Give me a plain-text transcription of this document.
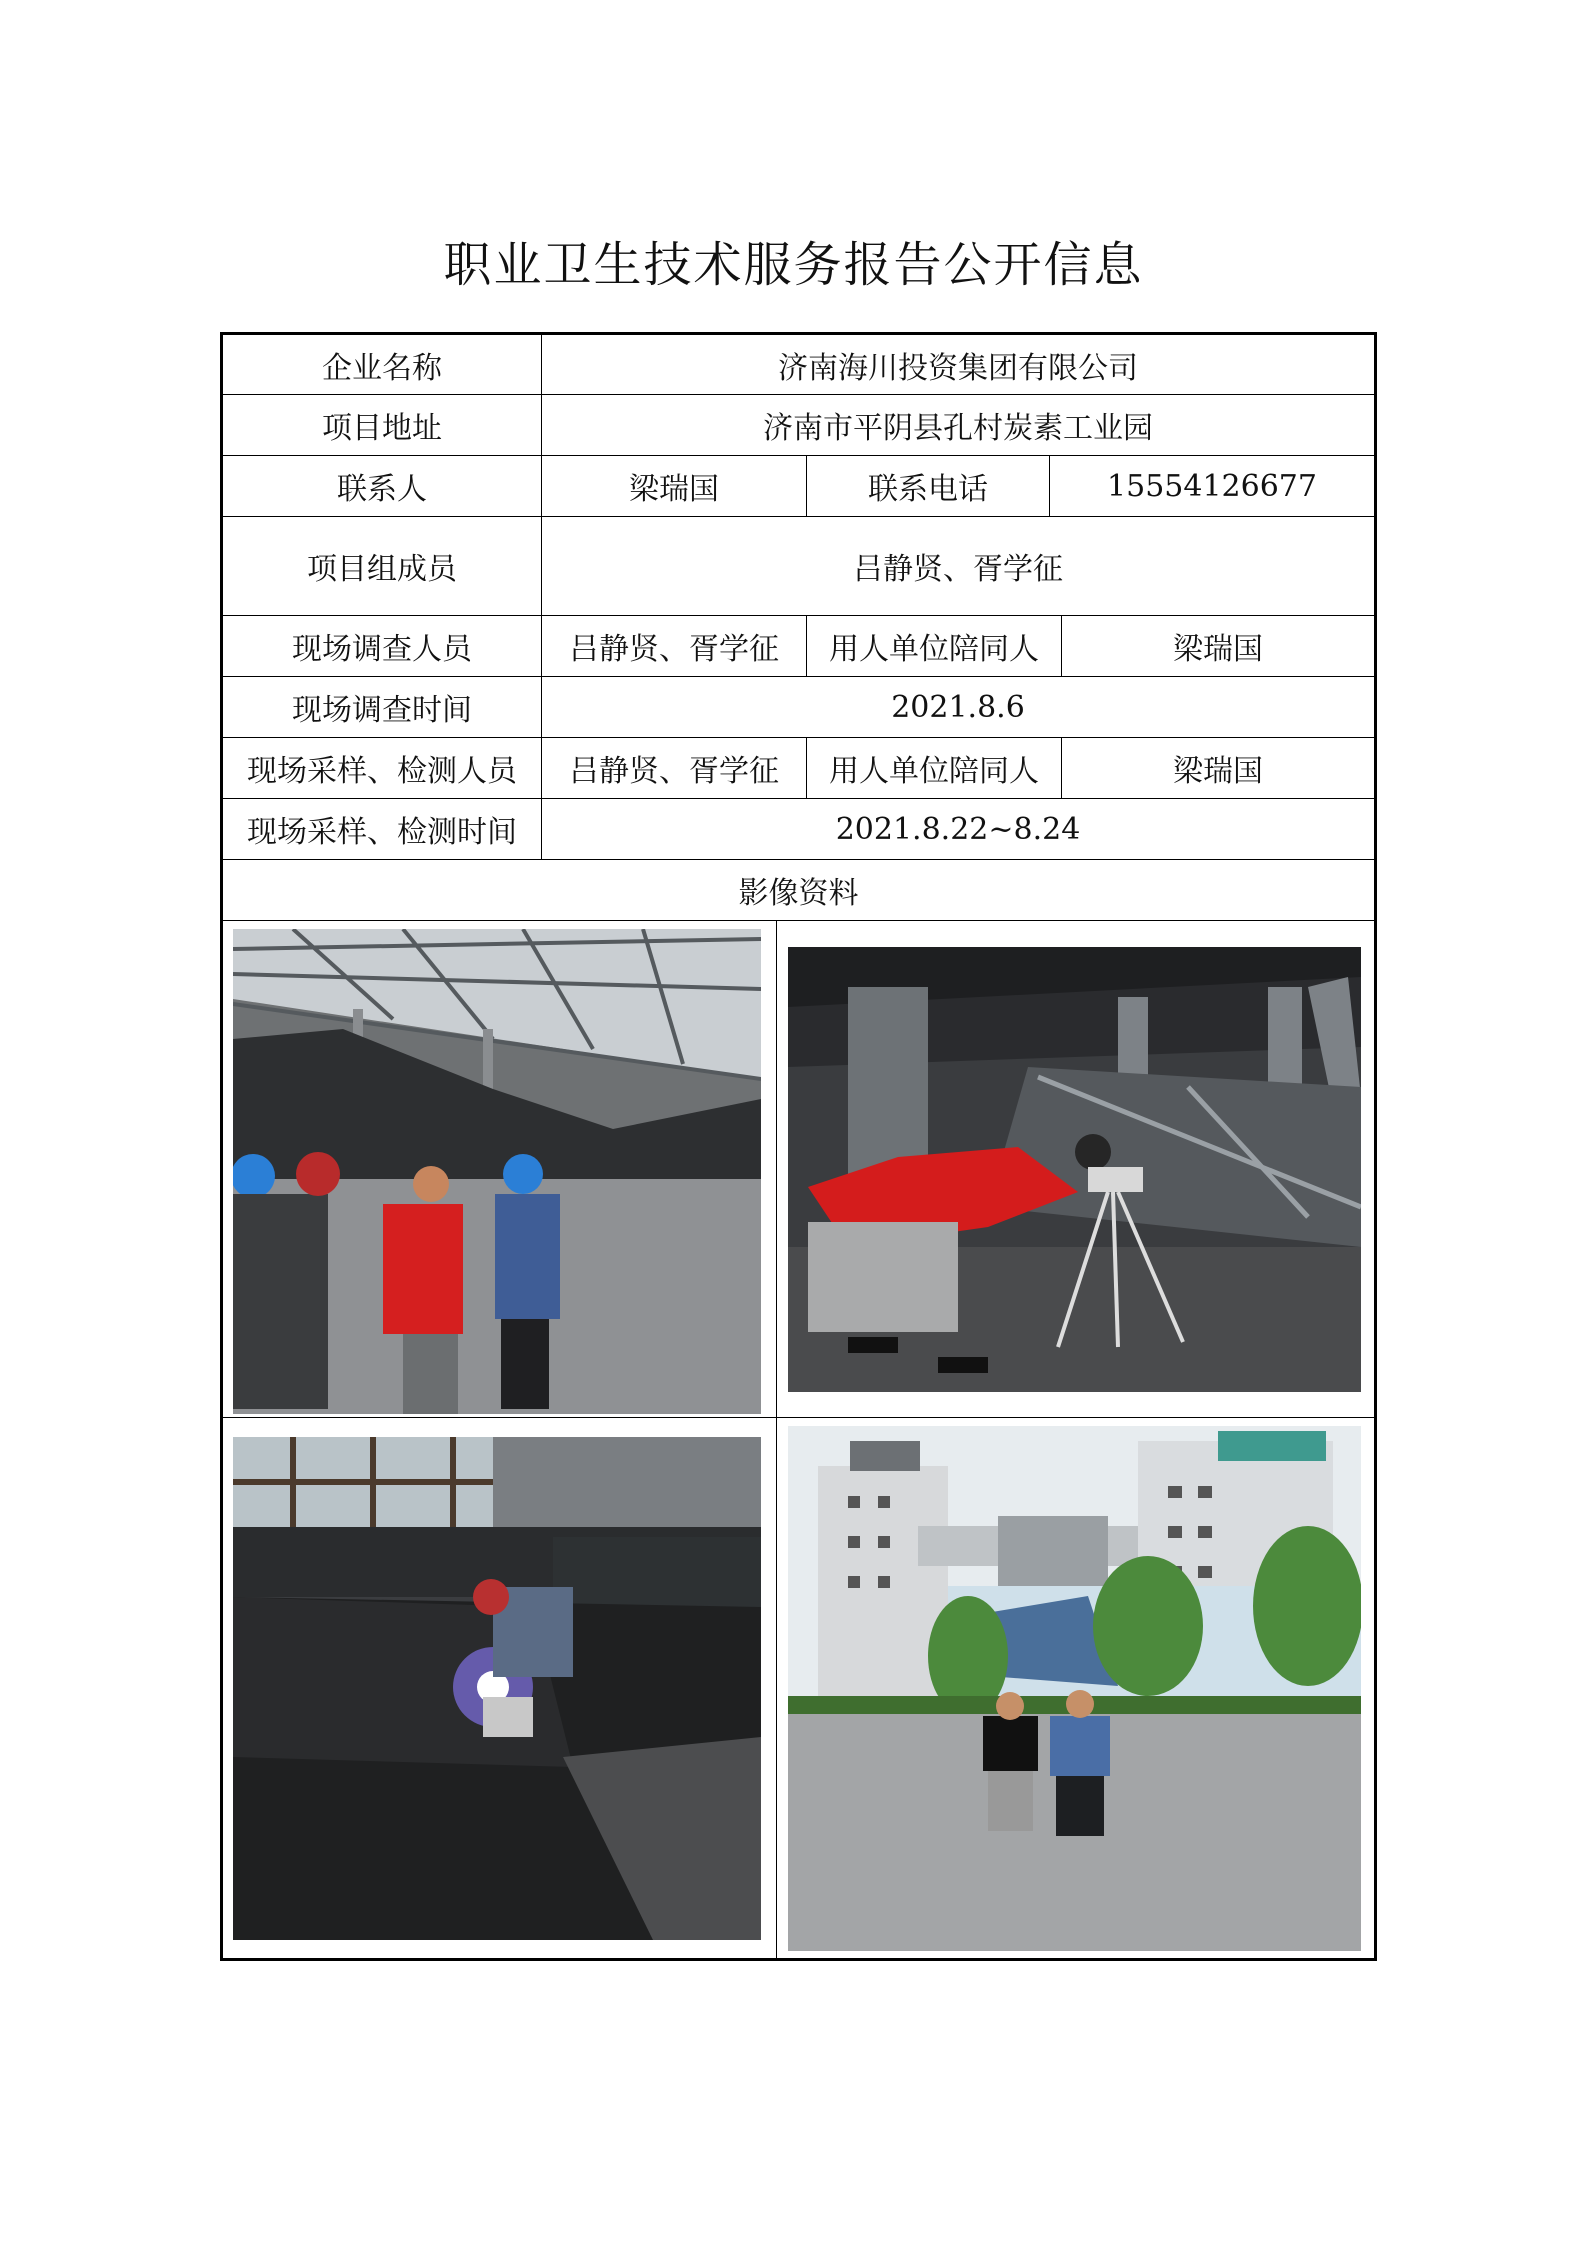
职业卫生技术服务报告公开信息
企业名称	济南海川投资集团有限公司			
项目地址	济南市平阴县孔村炭素工业园			
联系人	梁瑞国	联系电话	15554126677	
项目组成员	吕静贤、胥学征			
现场调查人员	吕静贤、胥学征	用人单位陪同人		梁瑞国
现场调查时间	2021.8.6			
现场采样、检测人员	吕静贤、胥学征	用人单位陪同人		梁瑞国
现场采样、检测时间	2021.8.22~8.24			
影像资料				
